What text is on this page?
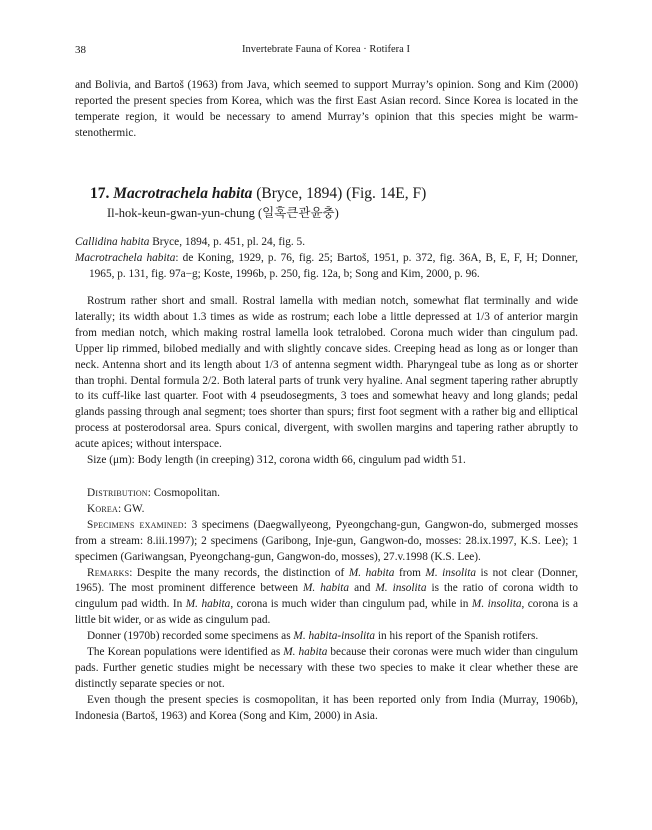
38	Invertebrate Fauna of Korea · Rotifera I

and Bolivia, and Bartoš (1963) from Java, which seemed to support Murray’s opinion. Song and Kim (2000) reported the present species from Korea, which was the first East Asian record. Since Korea is located in the temperate region, it would be necessary to amend Murray’s opinion that this species might be warm-stenothermic.

17. Macrotrachela habita (Bryce, 1894) (Fig. 14E, F)
Il-hok-keun-gwan-yun-chung (일혹큰관윤충)

Callidina habita Bryce, 1894, p. 451, pl. 24, fig. 5.

Macrotrachela habita: de Koning, 1929, p. 76, fig. 25; Bartoš, 1951, p. 372, fig. 36A, B, E, F, H; Donner, 1965, p. 131, fig. 97a−g; Koste, 1996b, p. 250, fig. 12a, b; Song and Kim, 2000, p. 96.

Rostrum rather short and small. Rostral lamella with median notch, somewhat flat terminally and wide laterally; its width about 1.3 times as wide as rostrum; each lobe a little depressed at 1/3 of anterior margin from median notch, which making rostral lamella look tetralobed. Corona much wider than cingulum pad. Upper lip rimmed, bilobed medially and with slightly concave sides. Creeping head as long as or longer than neck. Antenna short and its length about 1/3 of antenna segment width. Pharyngeal tube as long as or shorter than trophi. Dental formula 2/2. Both lateral parts of trunk very hyaline. Anal segment tapering rather abruptly to its cuff-like last quarter. Foot with 4 pseudosegments, 3 toes and somewhat heavy and long glands; pedal glands passing through anal segment; toes shorter than spurs; first foot segment with a rather big and elliptical process at posterodorsal area. Spurs conical, divergent, with swollen margins and tapering rather abruptly to acute apices; without interspace.

Size (μm): Body length (in creeping) 312, corona width 66, cingulum pad width 51.

Distribution: Cosmopolitan.

Korea: GW.

Specimens examined: 3 specimens (Daegwallyeong, Pyeongchang-gun, Gangwon-do, submerged mosses from a stream: 8.iii.1997); 2 specimens (Garibong, Inje-gun, Gangwon-do, mosses: 28.ix.1997, K.S. Lee); 1 specimen (Gariwangsan, Pyeongchang-gun, Gangwon-do, mosses), 27.v.1998 (K.S. Lee).

Remarks: Despite the many records, the distinction of M. habita from M. insolita is not clear (Donner, 1965). The most prominent difference between M. habita and M. insolita is the ratio of corona width to cingulum pad width. In M. habita, corona is much wider than cingulum pad, while in M. insolita, corona is a little bit wider, or as wide as cingulum pad.

Donner (1970b) recorded some specimens as M. habita-insolita in his report of the Spanish rotifers.

The Korean populations were identified as M. habita because their coronas were much wider than cingulum pads. Further genetic studies might be necessary with these two species to make it clear whether these are distinctly separate species or not.

Even though the present species is cosmopolitan, it has been reported only from India (Murray, 1906b), Indonesia (Bartoš, 1963) and Korea (Song and Kim, 2000) in Asia.
